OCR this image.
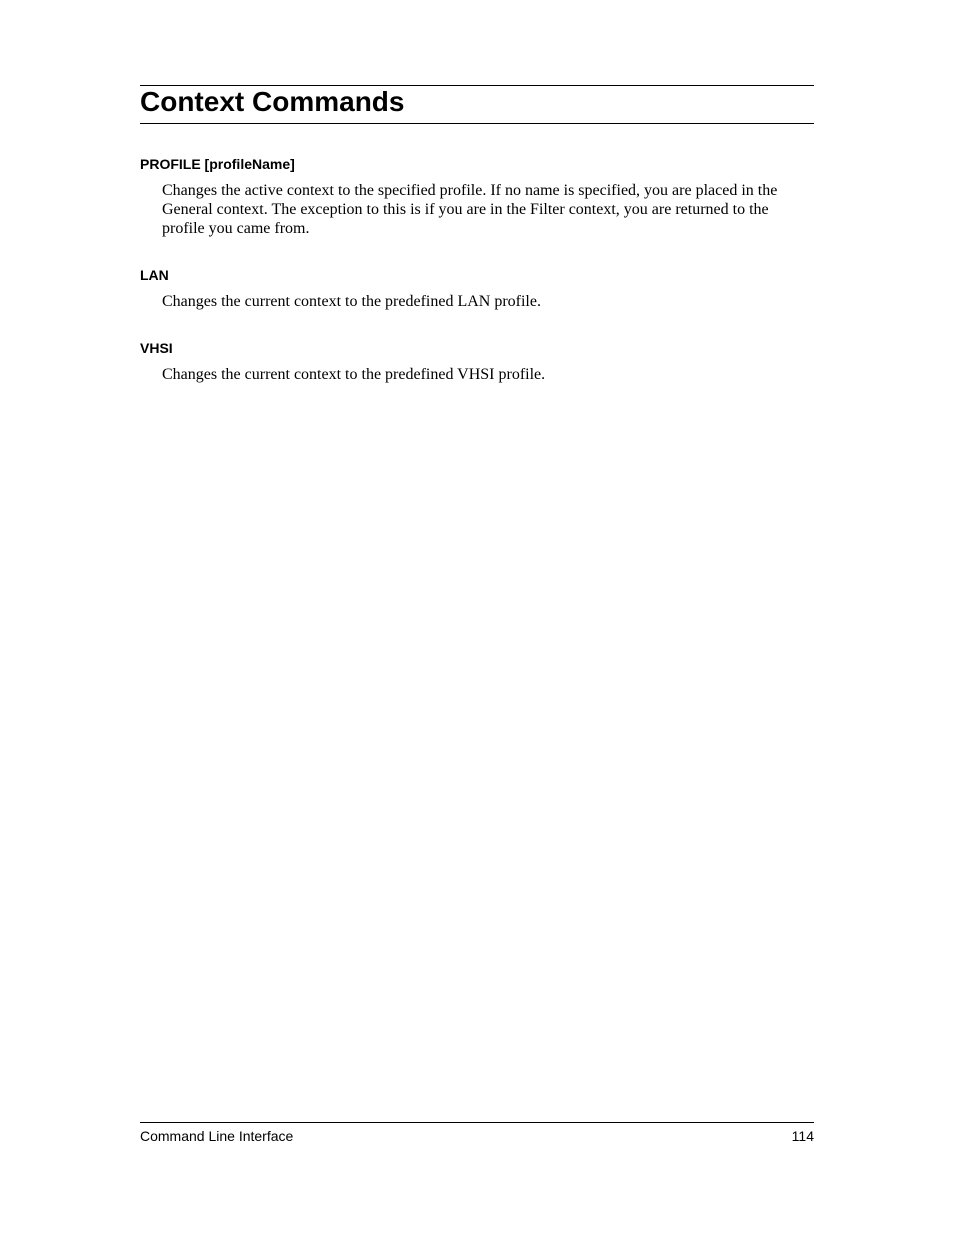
Context Commands
PROFILE [profileName]

Changes the active context to the specified profile. If no name is specified, you are placed in the General context. The exception to this is if you are in the Filter context, you are returned to the profile you came from.

LAN

Changes the current context to the predefined LAN profile.

VHSI

Changes the current context to the predefined VHSI profile.

Command Line Interface	114
